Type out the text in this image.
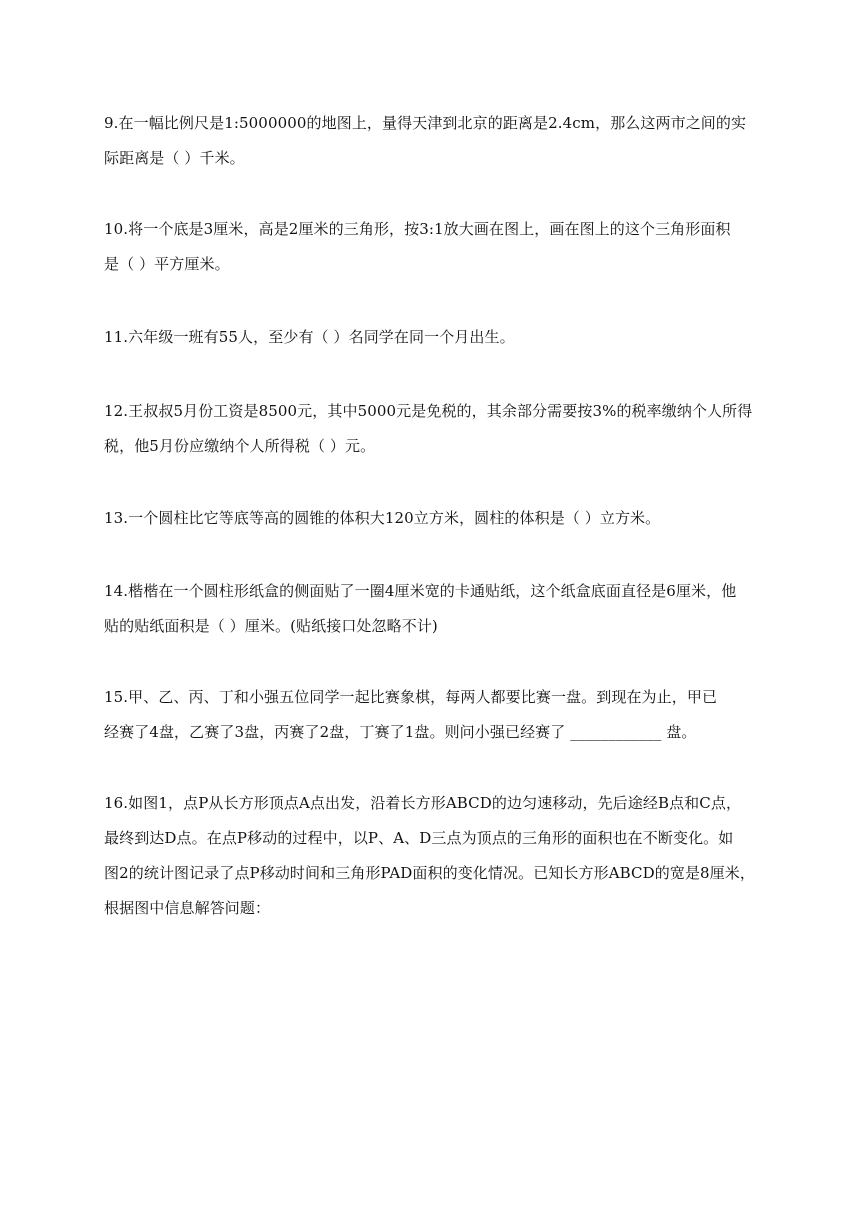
9.在一幅比例尺是1:5000000的地图上，量得天津到北京的距离是2.4cm，那么这两市之间的实
际距离是（ ）千米。
10.将一个底是3厘米，高是2厘米的三角形，按3:1放大画在图上，画在图上的这个三角形面积
是（ ）平方厘米。
11.六年级一班有55人，至少有（ ）名同学在同一个月出生。
12.王叔叔5月份工资是8500元，其中5000元是免税的，其余部分需要按3%的税率缴纳个人所得
税，他5月份应缴纳个人所得税（ ）元。
13.一个圆柱比它等底等高的圆锥的体积大120立方米，圆柱的体积是（ ）立方米。
14.楷楷在一个圆柱形纸盒的侧面贴了一圈4厘米宽的卡通贴纸，这个纸盒底面直径是6厘米，他
贴的贴纸面积是（ ）厘米。(贴纸接口处忽略不计)
15.甲、乙、丙、丁和小强五位同学一起比赛象棋，每两人都要比赛一盘。到现在为止，甲已
经赛了4盘，乙赛了3盘，丙赛了2盘，丁赛了1盘。则问小强已经赛了 ____________ 盘。
16.如图1，点P从长方形顶点A点出发，沿着长方形ABCD的边匀速移动，先后途经B点和C点，
最终到达D点。在点P移动的过程中，以P、A、D三点为顶点的三角形的面积也在不断变化。如
图2的统计图记录了点P移动时间和三角形PAD面积的变化情况。已知长方形ABCD的宽是8厘米，
根据图中信息解答问题：
